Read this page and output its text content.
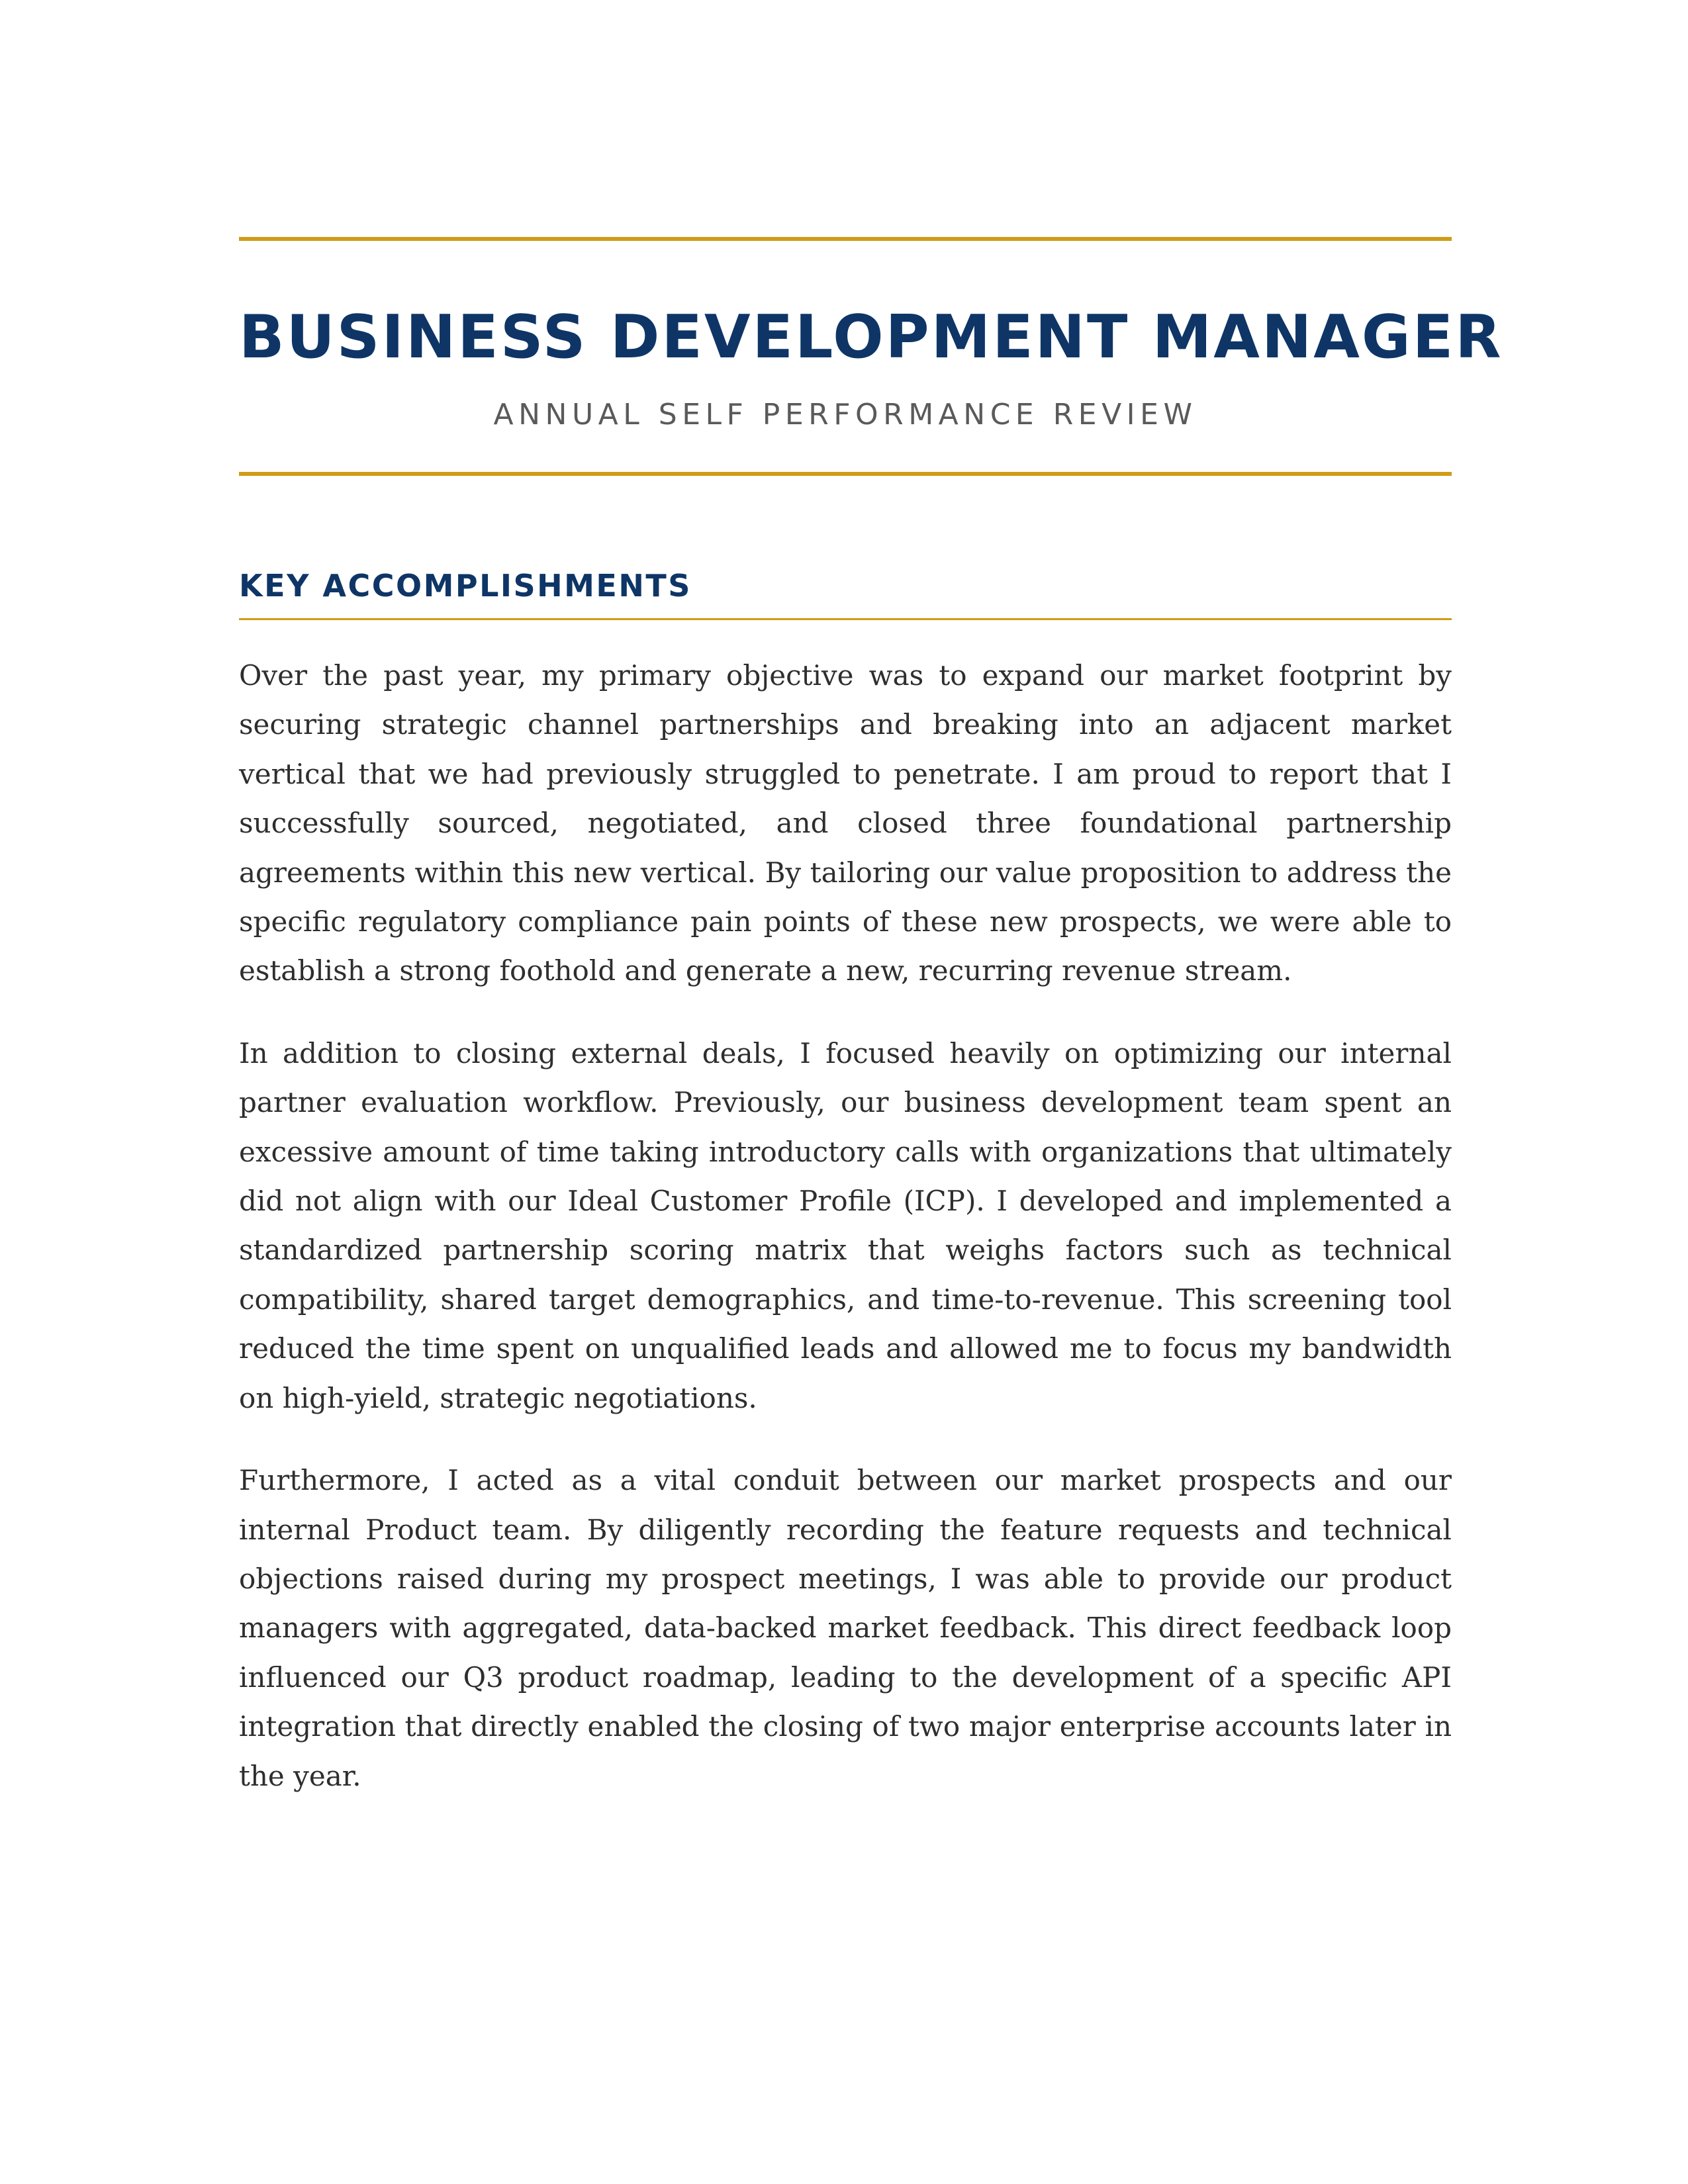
BUSINESS DEVELOPMENT MANAGER
ANNUAL SELF PERFORMANCE REVIEW
KEY ACCOMPLISHMENTS

Over the past year, my primary objective was to expand our market footprint by securing strategic channel partnerships and breaking into an adjacent market vertical that we had previously struggled to penetrate. I am proud to report that I successfully sourced, negotiated, and closed three foundational partnership agreements within this new vertical. By tailoring our value proposition to address the specific regulatory compliance pain points of these new prospects, we were able to establish a strong foothold and generate a new, recurring revenue stream.

In addition to closing external deals, I focused heavily on optimizing our internal partner evaluation workflow. Previously, our business development team spent an excessive amount of time taking introductory calls with organizations that ultimately did not align with our Ideal Customer Profile (ICP). I developed and implemented a standardized partnership scoring matrix that weighs factors such as technical compatibility, shared target demographics, and time-to-revenue. This screening tool reduced the time spent on unqualified leads and allowed me to focus my bandwidth on high-yield, strategic negotiations.

Furthermore, I acted as a vital conduit between our market prospects and our internal Product team. By diligently recording the feature requests and technical objections raised during my prospect meetings, I was able to provide our product managers with aggregated, data-backed market feedback. This direct feedback loop influenced our Q3 product roadmap, leading to the development of a specific API integration that directly enabled the closing of two major enterprise accounts later in the year.
